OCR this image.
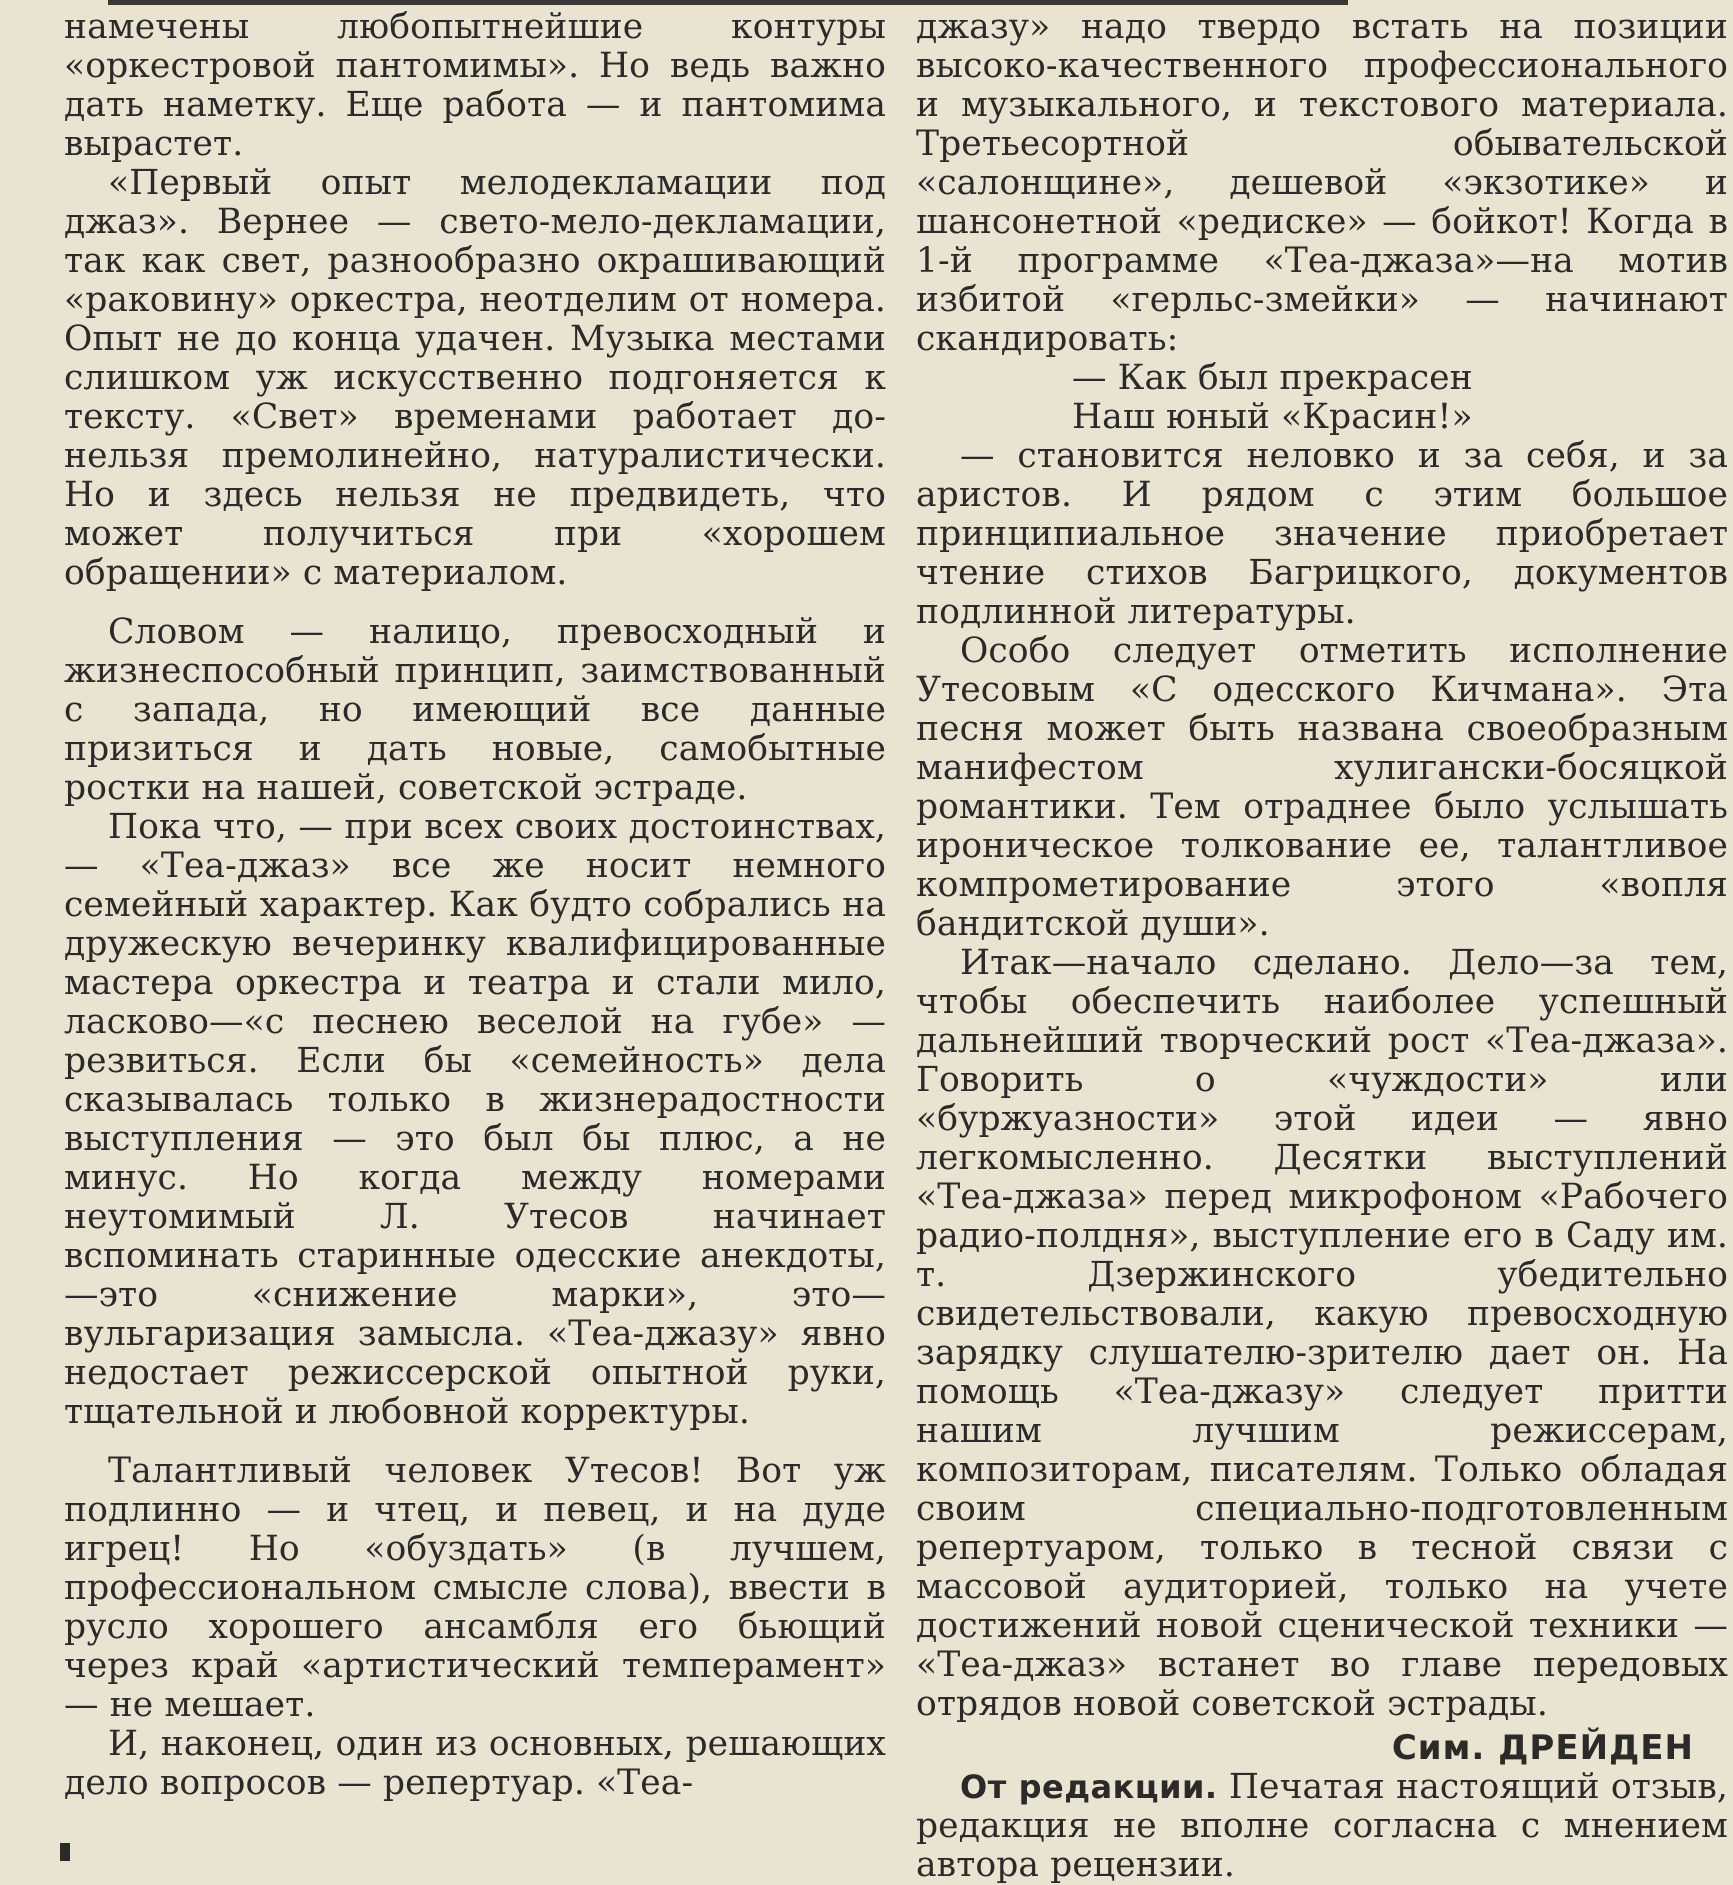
намечены любопытнейшие контуры «оркестровой пантомимы». Но ведь важно дать наметку. Еще работа — и пантомима вырастет.

«Первый опыт мелодекламации под джаз». Вернее — свето-мело-декламации, так как свет, разнообразно окрашивающий «раковину» оркестра, неотделим от номера. Опыт не до конца удачен. Музыка местами слишком уж искусственно подгоняется к тексту. «Свет» временами работает до-нельзя премолинейно, натуралистически. Но и здесь нельзя не предвидеть, что может получиться при «хорошем обращении» с материалом.

Словом — налицо, превосходный и жизнеспособный принцип, заимствованный с запада, но имеющий все данные призиться и дать новые, самобытные ростки на нашей, советской эстраде.

Пока что, — при всех своих достоинствах, — «Теа-джаз» все же носит немного семейный характер. Как будто собрались на дружескую вечеринку квалифицированные мастера оркестра и театра и стали мило, ласково—«с песнею веселой на губе» — резвиться. Если бы «семейность» дела сказывалась только в жизнерадостности выступления — это был бы плюс, а не минус. Но когда между номерами неутомимый Л. Утесов начинает вспоминать старинные одесские анекдоты,—это «снижение марки», это—вульгаризация замысла. «Теа-джазу» явно недостает режиссерской опытной руки, тщательной и любовной корректуры.

Талантливый человек Утесов! Вот уж подлинно — и чтец, и певец, и на дуде игрец! Но «обуздать» (в лучшем, профессиональном смысле слова), ввести в русло хорошего ансамбля его бьющий через край «артистический темперамент» — не мешает.

И, наконец, один из основных, решающих дело вопросов — репертуар. «Теа-

джазу» надо твердо встать на позиции высоко-качественного профессионального и музыкального, и текстового материала. Третьесортной обывательской «салонщине», дешевой «экзотике» и шансонетной «редиске» — бойкот! Когда в 1-й программе «Теа-джаза»—на мотив избитой «герльс-змейки» — начинают скандировать:

— Как был прекрасен

Наш юный «Красин!»

— становится неловко и за себя, и за аристов. И рядом с этим большое принципиальное значение приобретает чтение стихов Багрицкого, документов подлинной литературы.

Особо следует отметить исполнение Утесовым «С одесского Кичмана». Эта песня может быть названа своеобразным манифестом хулигански-босяцкой романтики. Тем отраднее было услышать ироническое толкование ее, талантливое компрометирование этого «вопля бандитской души».

Итак—начало сделано. Дело—за тем, чтобы обеспечить наиболее успешный дальнейший творческий рост «Теа-джаза». Говорить о «чуждости» или «буржуазности» этой идеи — явно легкомысленно. Десятки выступлений «Теа-джаза» перед микрофоном «Рабочего радио-полдня», выступление его в Саду им. т. Дзержинского убедительно свидетельствовали, какую превосходную зарядку слушателю-зрителю дает он. На помощь «Теа-джазу» следует притти нашим лучшим режиссерам, композиторам, писателям. Только обладая своим специально-подготовленным репертуаром, только в тесной связи с массовой аудиторией, только на учете достижений новой сценической техники — «Теа-джаз» встанет во главе передовых отрядов новой советской эстрады.

Сим. ДРЕЙДЕН

От редакции. Печатая настоящий отзыв, редакция не вполне согласна с мнением автора рецензии.
